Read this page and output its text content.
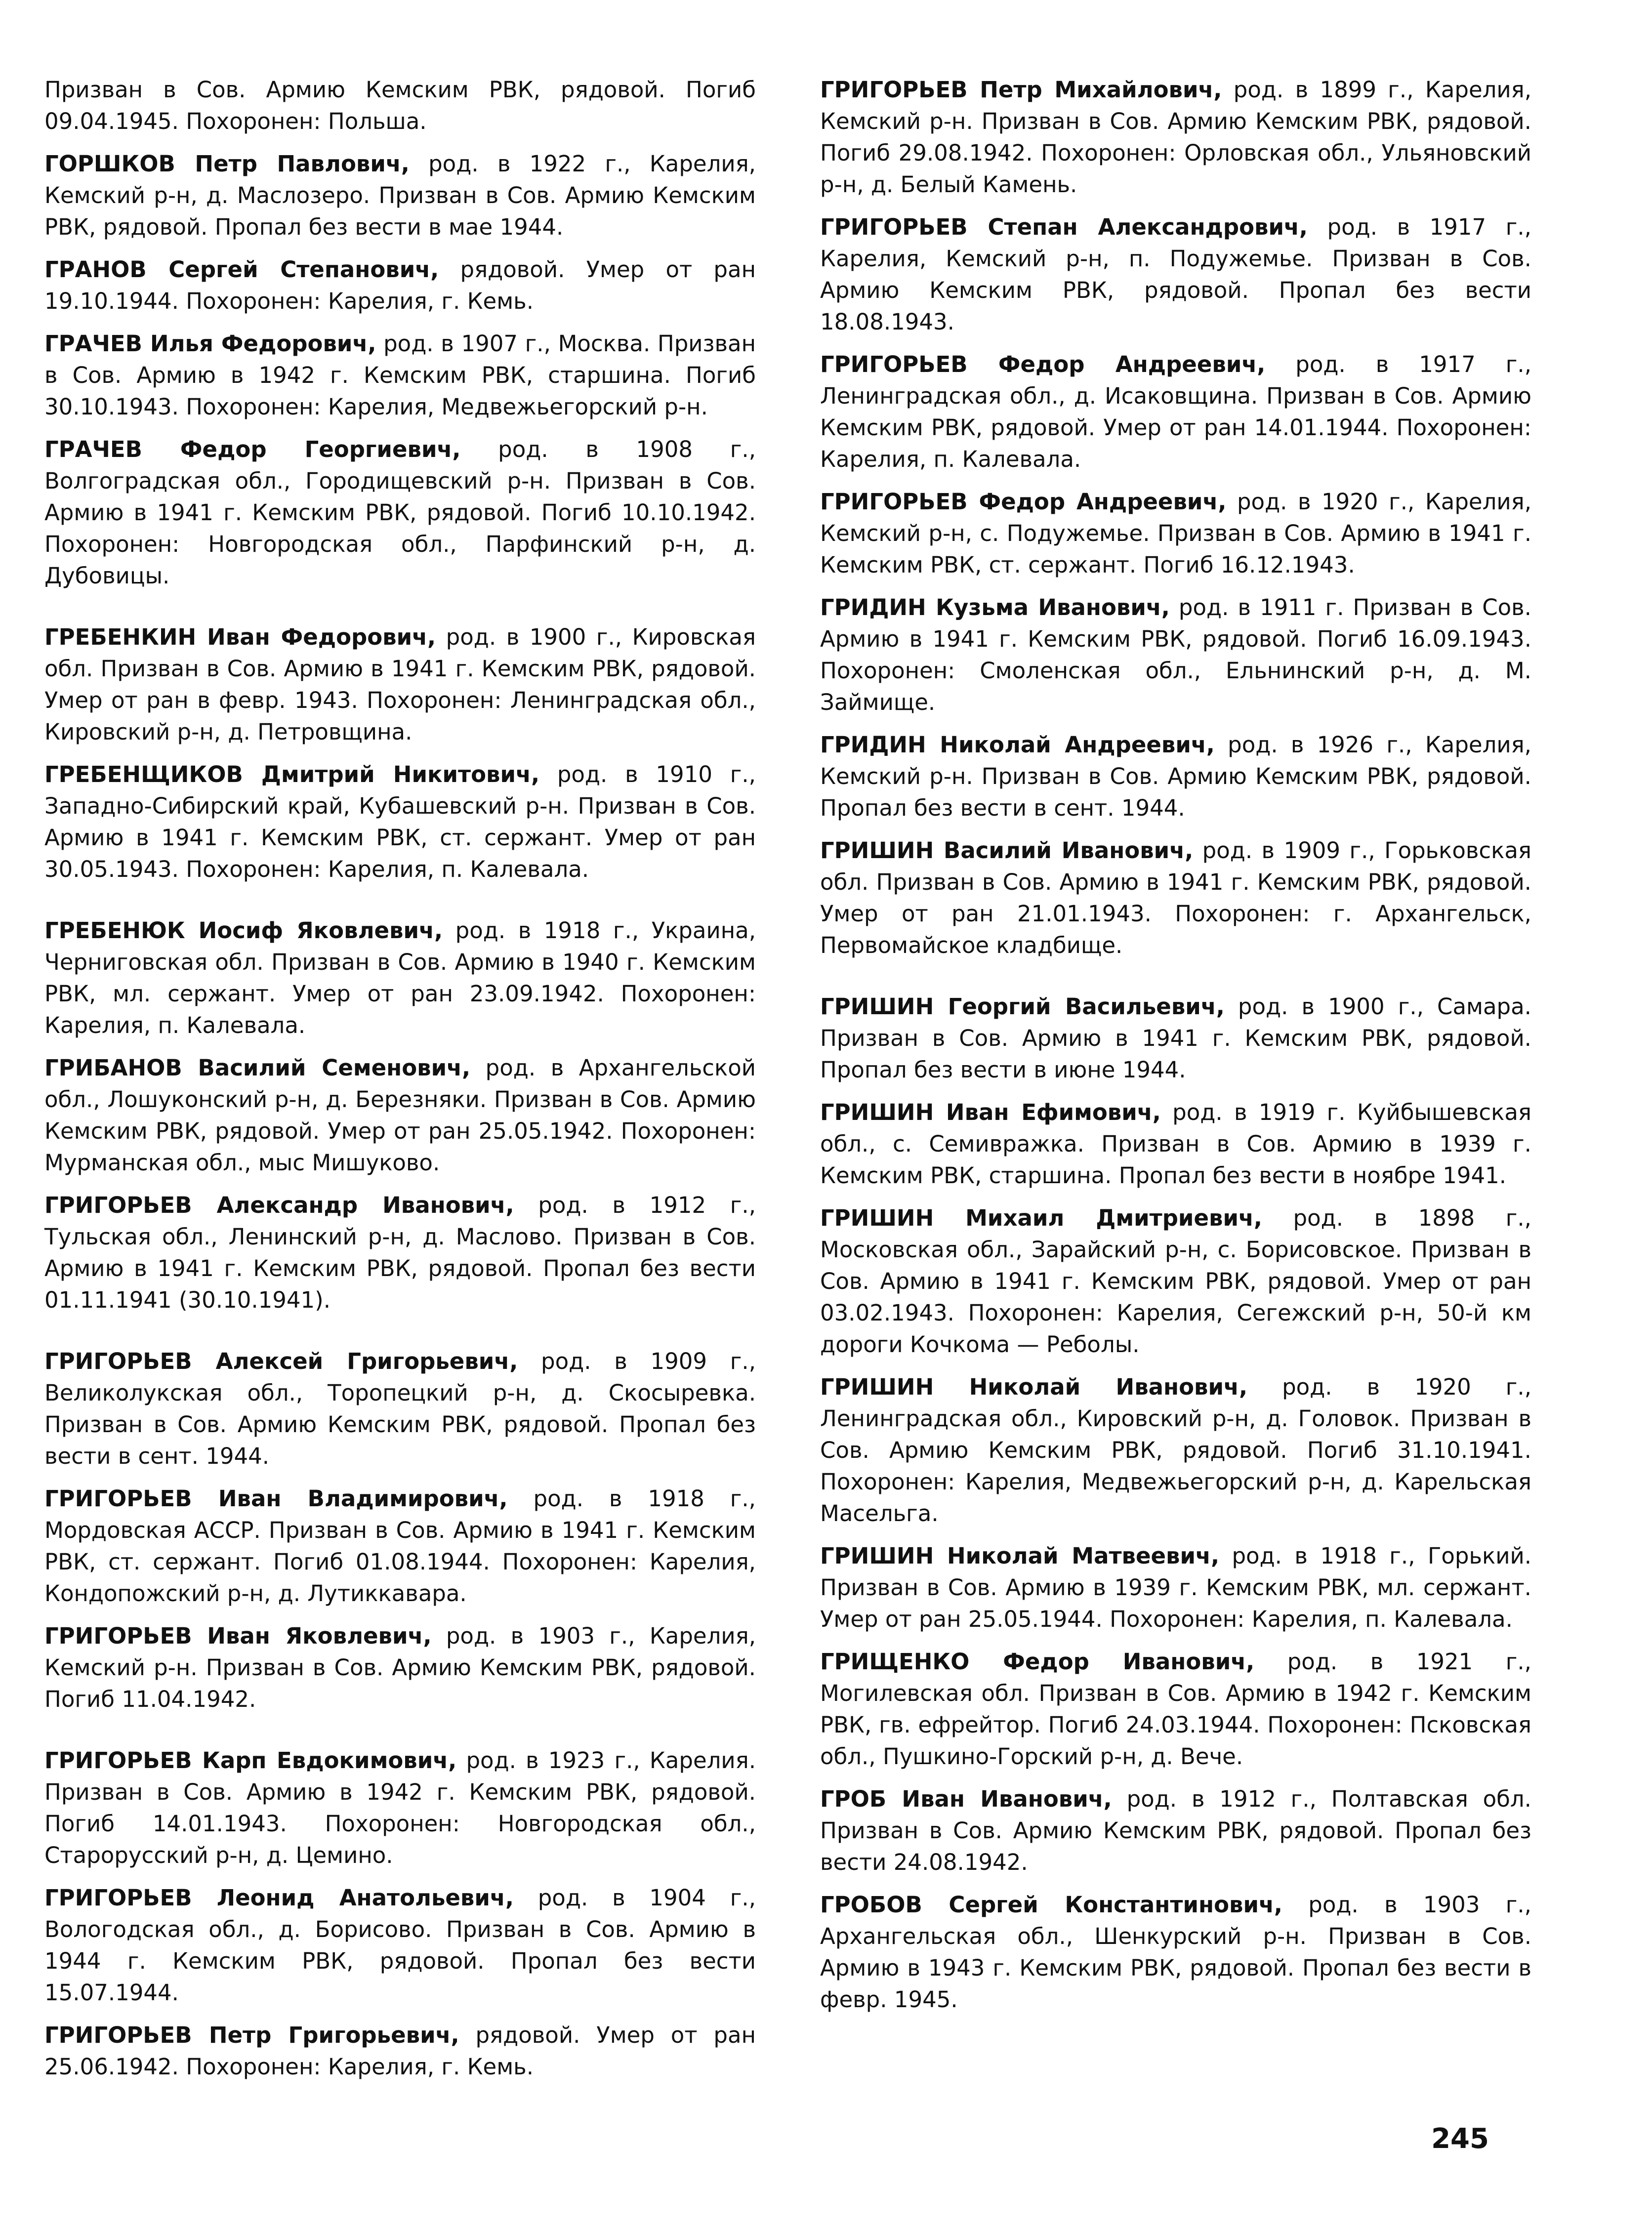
Призван в Сов. Армию Кемским РВК, рядовой. Погиб 09.04.1945. Похоронен: Польша.

ГОРШКОВ Петр Павлович, род. в 1922 г., Карелия, Кемский р-н, д. Маслозеро. Призван в Сов. Армию Кемским РВК, рядовой. Пропал без вести в мае 1944.

ГРАНОВ Сергей Степанович, рядовой. Умер от ран 19.10.1944. Похоронен: Карелия, г. Кемь.

ГРАЧЕВ Илья Федорович, род. в 1907 г., Москва. Призван в Сов. Армию в 1942 г. Кемским РВК, старшина. Погиб 30.10.1943. Похоронен: Карелия, Медвежьегорский р-н.

ГРАЧЕВ Федор Георгиевич, род. в 1908 г., Волгоградская обл., Городищевский р-н. Призван в Сов. Армию в 1941 г. Кемским РВК, рядовой. Погиб 10.10.1942. Похоронен: Новгородская обл., Парфинский р-н, д. Дубовицы.

ГРЕБЕНКИН Иван Федорович, род. в 1900 г., Кировская обл. Призван в Сов. Армию в 1941 г. Кемским РВК, рядовой. Умер от ран в февр. 1943. Похоронен: Ленинградская обл., Кировский р-н, д. Петровщина.

ГРЕБЕНЩИКОВ Дмитрий Никитович, род. в 1910 г., Западно-Сибирский край, Кубашевский р-н. Призван в Сов. Армию в 1941 г. Кемским РВК, ст. сержант. Умер от ран 30.05.1943. Похоронен: Карелия, п. Калевала.

ГРЕБЕНЮК Иосиф Яковлевич, род. в 1918 г., Украина, Черниговская обл. Призван в Сов. Армию в 1940 г. Кемским РВК, мл. сержант. Умер от ран 23.09.1942. Похоронен: Карелия, п. Калевала.

ГРИБАНОВ Василий Семенович, род. в Архангельской обл., Лошуконский р-н, д. Березняки. Призван в Сов. Армию Кемским РВК, рядовой. Умер от ран 25.05.1942. Похоронен: Мурманская обл., мыс Мишуково.

ГРИГОРЬЕВ Александр Иванович, род. в 1912 г., Тульская обл., Ленинский р-н, д. Маслово. Призван в Сов. Армию в 1941 г. Кемским РВК, рядовой. Пропал без вести 01.11.1941 (30.10.1941).

ГРИГОРЬЕВ Алексей Григорьевич, род. в 1909 г., Великолукская обл., Торопецкий р-н, д. Скосыревка. Призван в Сов. Армию Кемским РВК, рядовой. Пропал без вести в сент. 1944.

ГРИГОРЬЕВ Иван Владимирович, род. в 1918 г., Мордовская АССР. Призван в Сов. Армию в 1941 г. Кемским РВК, ст. сержант. Погиб 01.08.1944. Похоронен: Карелия, Кондопожский р-н, д. Лутиккавара.

ГРИГОРЬЕВ Иван Яковлевич, род. в 1903 г., Карелия, Кемский р-н. Призван в Сов. Армию Кемским РВК, рядовой. Погиб 11.04.1942.

ГРИГОРЬЕВ Карп Евдокимович, род. в 1923 г., Карелия. Призван в Сов. Армию в 1942 г. Кемским РВК, рядовой. Погиб 14.01.1943. Похоронен: Новгородская обл., Старорусский р-н, д. Цемино.

ГРИГОРЬЕВ Леонид Анатольевич, род. в 1904 г., Вологодская обл., д. Борисово. Призван в Сов. Армию в 1944 г. Кемским РВК, рядовой. Пропал без вести 15.07.1944.

ГРИГОРЬЕВ Петр Григорьевич, рядовой. Умер от ран 25.06.1942. Похоронен: Карелия, г. Кемь.

ГРИГОРЬЕВ Петр Михайлович, род. в 1899 г., Карелия, Кемский р-н. Призван в Сов. Армию Кемским РВК, рядовой. Погиб 29.08.1942. Похоронен: Орловская обл., Ульяновский р-н, д. Белый Камень.

ГРИГОРЬЕВ Степан Александрович, род. в 1917 г., Карелия, Кемский р-н, п. Подужемье. Призван в Сов. Армию Кемским РВК, рядовой. Пропал без вести 18.08.1943.

ГРИГОРЬЕВ Федор Андреевич, род. в 1917 г., Ленинградская обл., д. Исаковщина. Призван в Сов. Армию Кемским РВК, рядовой. Умер от ран 14.01.1944. Похоронен: Карелия, п. Калевала.

ГРИГОРЬЕВ Федор Андреевич, род. в 1920 г., Карелия, Кемский р-н, с. Подужемье. Призван в Сов. Армию в 1941 г. Кемским РВК, ст. сержант. Погиб 16.12.1943.

ГРИДИН Кузьма Иванович, род. в 1911 г. Призван в Сов. Армию в 1941 г. Кемским РВК, рядовой. Погиб 16.09.1943. Похоронен: Смоленская обл., Ельнинский р-н, д. М. Займище.

ГРИДИН Николай Андреевич, род. в 1926 г., Карелия, Кемский р-н. Призван в Сов. Армию Кемским РВК, рядовой. Пропал без вести в сент. 1944.

ГРИШИН Василий Иванович, род. в 1909 г., Горьковская обл. Призван в Сов. Армию в 1941 г. Кемским РВК, рядовой. Умер от ран 21.01.1943. Похоронен: г. Архангельск, Первомайское кладбище.

ГРИШИН Георгий Васильевич, род. в 1900 г., Самара. Призван в Сов. Армию в 1941 г. Кемским РВК, рядовой. Пропал без вести в июне 1944.

ГРИШИН Иван Ефимович, род. в 1919 г. Куйбышевская обл., с. Семивражка. Призван в Сов. Армию в 1939 г. Кемским РВК, старшина. Пропал без вести в ноябре 1941.

ГРИШИН Михаил Дмитриевич, род. в 1898 г., Московская обл., Зарайский р-н, с. Борисовское. Призван в Сов. Армию в 1941 г. Кемским РВК, рядовой. Умер от ран 03.02.1943. Похоронен: Карелия, Сегежский р-н, 50-й км дороги Кочкома — Реболы.

ГРИШИН Николай Иванович, род. в 1920 г., Ленинградская обл., Кировский р-н, д. Головок. Призван в Сов. Армию Кемским РВК, рядовой. Погиб 31.10.1941. Похоронен: Карелия, Медвежьегорский р-н, д. Карельская Масельга.

ГРИШИН Николай Матвеевич, род. в 1918 г., Горький. Призван в Сов. Армию в 1939 г. Кемским РВК, мл. сержант. Умер от ран 25.05.1944. Похоронен: Карелия, п. Калевала.

ГРИЩЕНКО Федор Иванович, род. в 1921 г., Могилевская обл. Призван в Сов. Армию в 1942 г. Кемским РВК, гв. ефрейтор. Погиб 24.03.1944. Похоронен: Псковская обл., Пушкино-Горский р-н, д. Вече.

ГРОБ Иван Иванович, род. в 1912 г., Полтавская обл. Призван в Сов. Армию Кемским РВК, рядовой. Пропал без вести 24.08.1942.

ГРОБОВ Сергей Константинович, род. в 1903 г., Архангельская обл., Шенкурский р-н. Призван в Сов. Армию в 1943 г. Кемским РВК, рядовой. Пропал без вести в февр. 1945.

245
